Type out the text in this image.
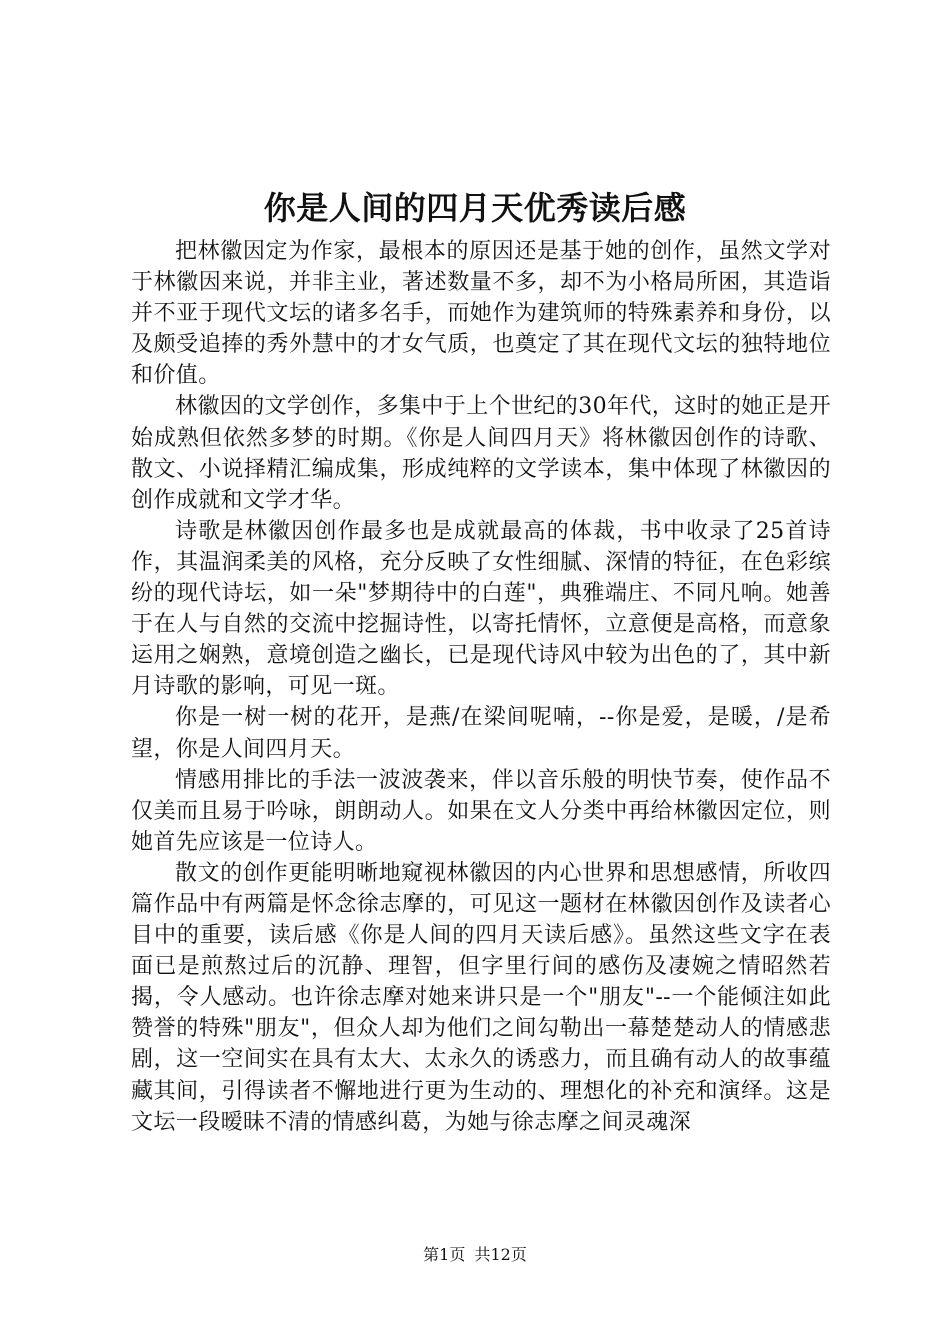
你是人间的四月天优秀读后感

把林徽因定为作家，最根本的原因还是基于她的创作，虽然文学对于林徽因来说，并非主业，著述数量不多，却不为小格局所困，其造诣并不亚于现代文坛的诸多名手，而她作为建筑师的特殊素养和身份，以及颇受追捧的秀外慧中的才女气质，也奠定了其在现代文坛的独特地位和价值。

林徽因的文学创作，多集中于上个世纪的30年代，这时的她正是开始成熟但依然多梦的时期。《你是人间四月天》将林徽因创作的诗歌、散文、小说择精汇编成集，形成纯粹的文学读本，集中体现了林徽因的创作成就和文学才华。

诗歌是林徽因创作最多也是成就最高的体裁，书中收录了25首诗作，其温润柔美的风格，充分反映了女性细腻、深情的特征，在色彩缤纷的现代诗坛，如一朵"梦期待中的白莲"，典雅端庄、不同凡响。她善于在人与自然的交流中挖掘诗性，以寄托情怀，立意便是高格，而意象运用之娴熟，意境创造之幽长，已是现代诗风中较为出色的了，其中新月诗歌的影响，可见一斑。

你是一树一树的花开，是燕/在梁间呢喃，--你是爱，是暖，/是希望，你是人间四月天。

情感用排比的手法一波波袭来，伴以音乐般的明快节奏，使作品不仅美而且易于吟咏，朗朗动人。如果在文人分类中再给林徽因定位，则她首先应该是一位诗人。

散文的创作更能明晰地窥视林徽因的内心世界和思想感情，所收四篇作品中有两篇是怀念徐志摩的，可见这一题材在林徽因创作及读者心目中的重要，读后感《你是人间的四月天读后感》。虽然这些文字在表面已是煎熬过后的沉静、理智，但字里行间的感伤及凄婉之情昭然若揭，令人感动。也许徐志摩对她来讲只是一个"朋友"--一个能倾注如此赞誉的特殊"朋友"，但众人却为他们之间勾勒出一幕楚楚动人的情感悲剧，这一空间实在具有太大、太永久的诱惑力，而且确有动人的故事蕴藏其间，引得读者不懈地进行更为生动的、理想化的补充和演绎。这是文坛一段暧昧不清的情感纠葛，为她与徐志摩之间灵魂深

第1页 共12页
